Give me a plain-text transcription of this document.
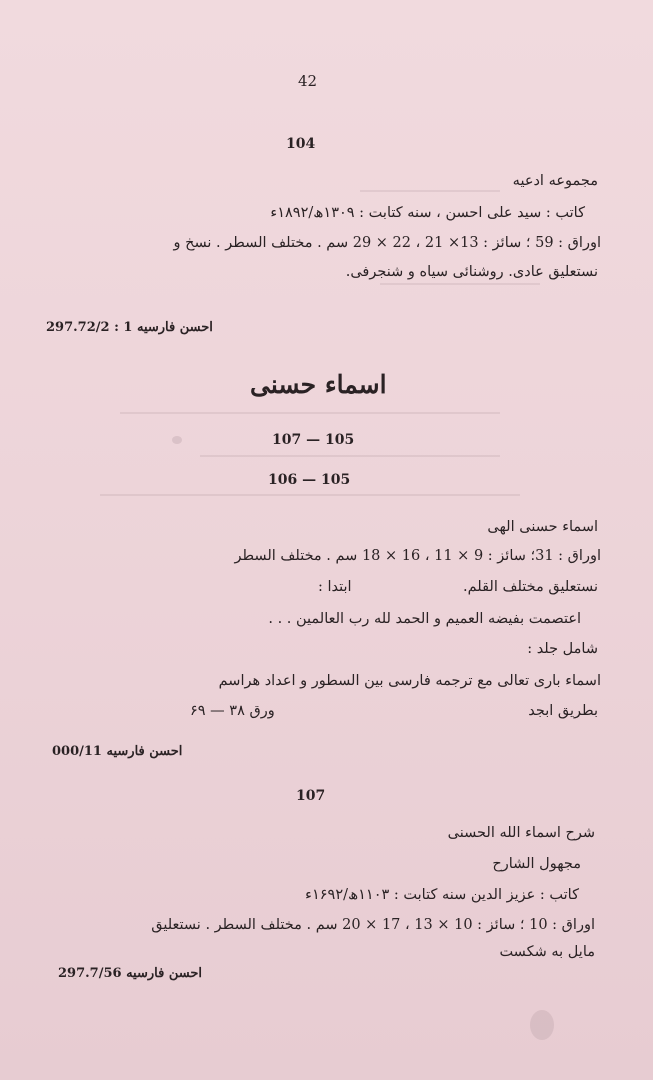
42
104
مجموعه ادعیه
کاتب : سید علی احسن ، سنه کتابت : ۱۳۰۹ھ/۱۸۹۲ء
اوراق : 59 ؛ سائز : 13× 21 ، 22 × 29 سم . مختلف السطر . نسخ و
نستعلیق عادی. روشنائی سیاه و شنجرفی.
احسن فارسیه 1 : 297.72/2
اسماء حسنی
107 — 105
106 — 105
اسماء حسنی الهی
اوراق : 31؛ سائز : 9 × 11 ، 16 × 18 سم . مختلف السطر
نستعلیق مختلف القلم.
ابتدا :
اعتصمت بفیضه العمیم و الحمد لله رب العالمین . . .
شامل جلد :
اسماء باری تعالی مع ترجمه فارسی بین السطور و اعداد هراسم
بطریق ابجد
ورق ۳۸ — ۶۹
احسن فارسیه 000/11
107
شرح اسماء الله الحسنی
مجهول الشارح
کاتب : عزیز الدین سنه کتابت : ۱۱۰۳ھ/۱۶۹۲ء
اوراق : 10 ؛ سائز : 10 × 13 ، 17 × 20 سم . مختلف السطر . نستعلیق
مایل به شکست
احسن فارسیه 297.7/56
